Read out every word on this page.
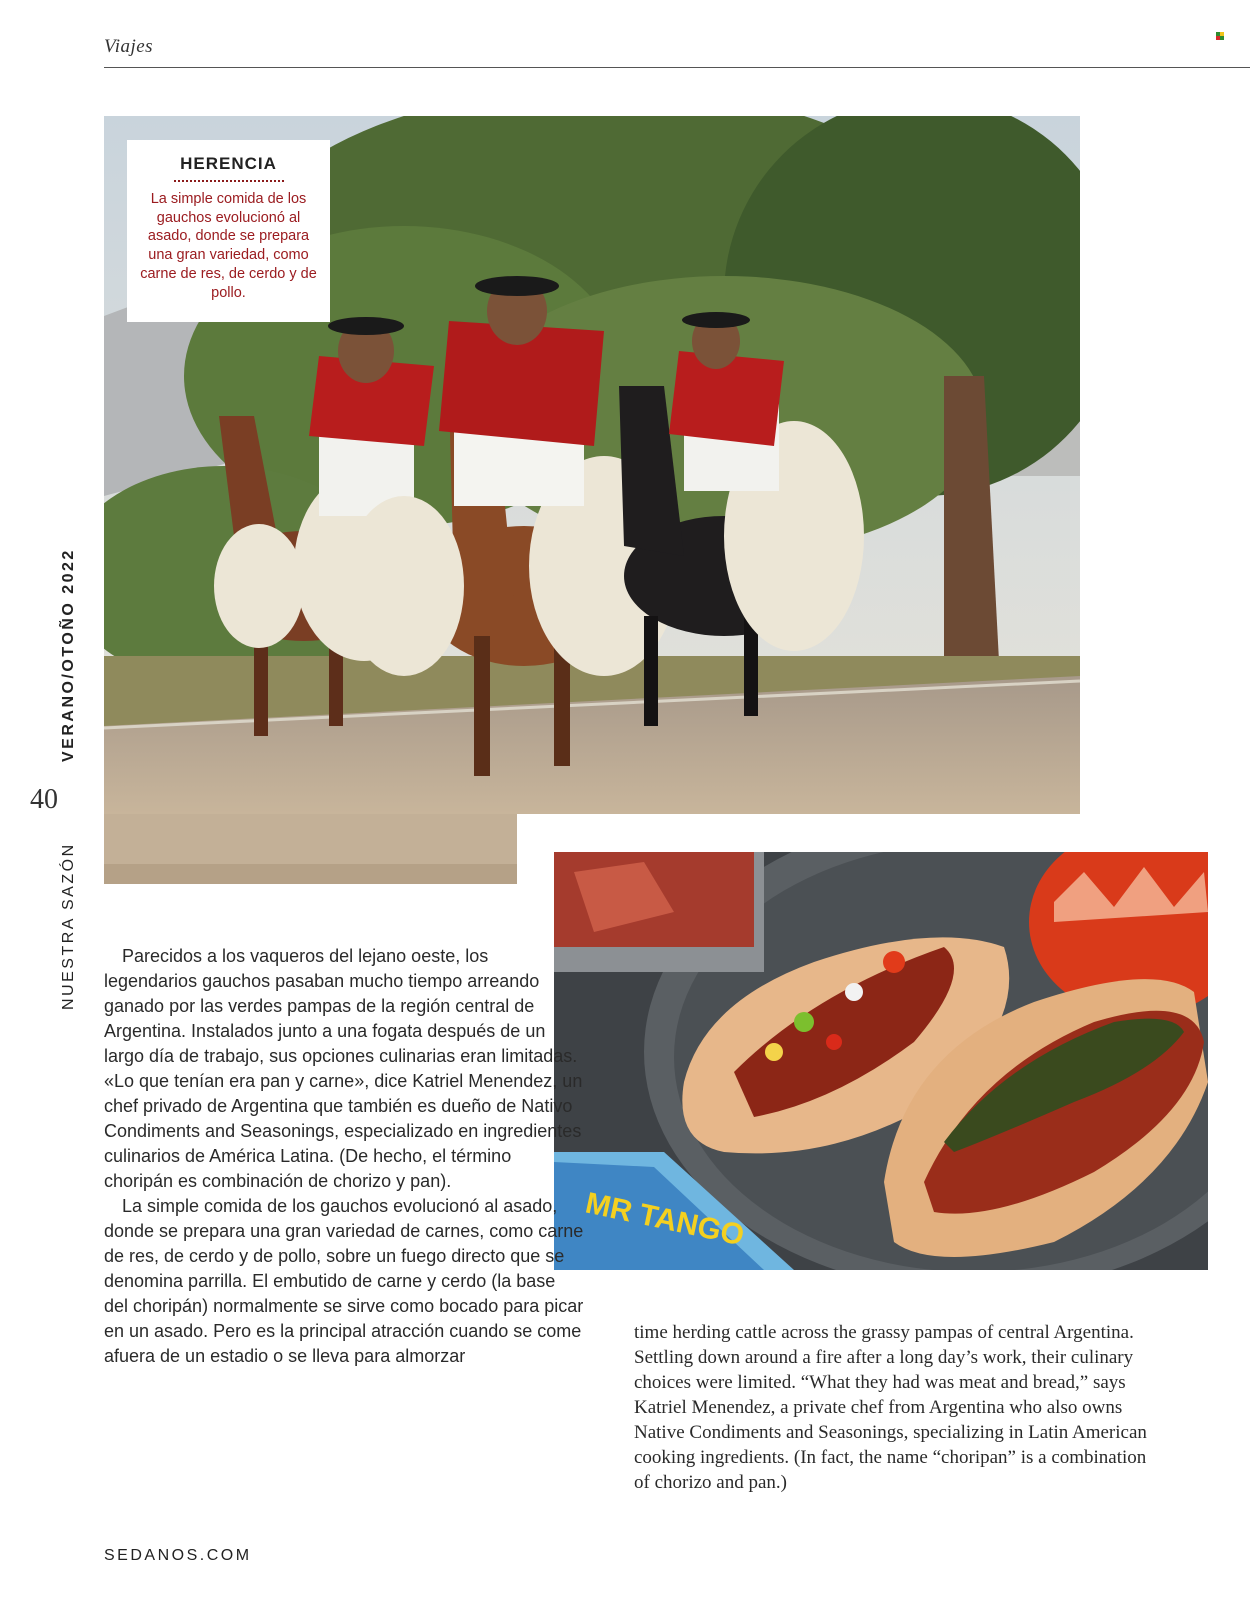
Viajes
VERANO/OTOÑO 2022
40
NUESTRA SAZÓN
HERENCIA
La simple comida de los gauchos evolucionó al asado, donde se prepara una gran variedad, como carne de res, de cerdo y de pollo.
MR TANGO

Parecidos a los vaqueros del lejano oeste, los legendarios gauchos pasaban mucho tiempo arreando ganado por las verdes pampas de la región central de Argentina. Instalados junto a una fogata después de un largo día de trabajo, sus opciones culinarias eran limitadas. «Lo que tenían era pan y carne», dice Katriel Menendez, un chef privado de Argentina que también es dueño de Nativo Condiments and Seasonings, especializado en ingredientes culinarios de América Latina. (De hecho, el término choripán es combinación de chorizo y pan).

La simple comida de los gauchos evolucionó al asado, donde se prepara una gran variedad de carnes, como carne de res, de cerdo y de pollo, sobre un fuego directo que se denomina parrilla. El embutido de carne y cerdo (la base del choripán) normalmente se sirve como bocado para picar en un asado. Pero es la principal atracción cuando se come afuera de un estadio o se lleva para almorzar

time herding cattle across the grassy pampas of central Argentina. Settling down around a fire after a long day’s work, their culinary choices were limited. “What they had was meat and bread,” says Katriel Menendez, a private chef from Argentina who also owns Native Condiments and Seasonings, specializing in Latin American cooking ingredients. (In fact, the name “choripan” is a combination of chorizo and pan.)

SEDANOS.COM
